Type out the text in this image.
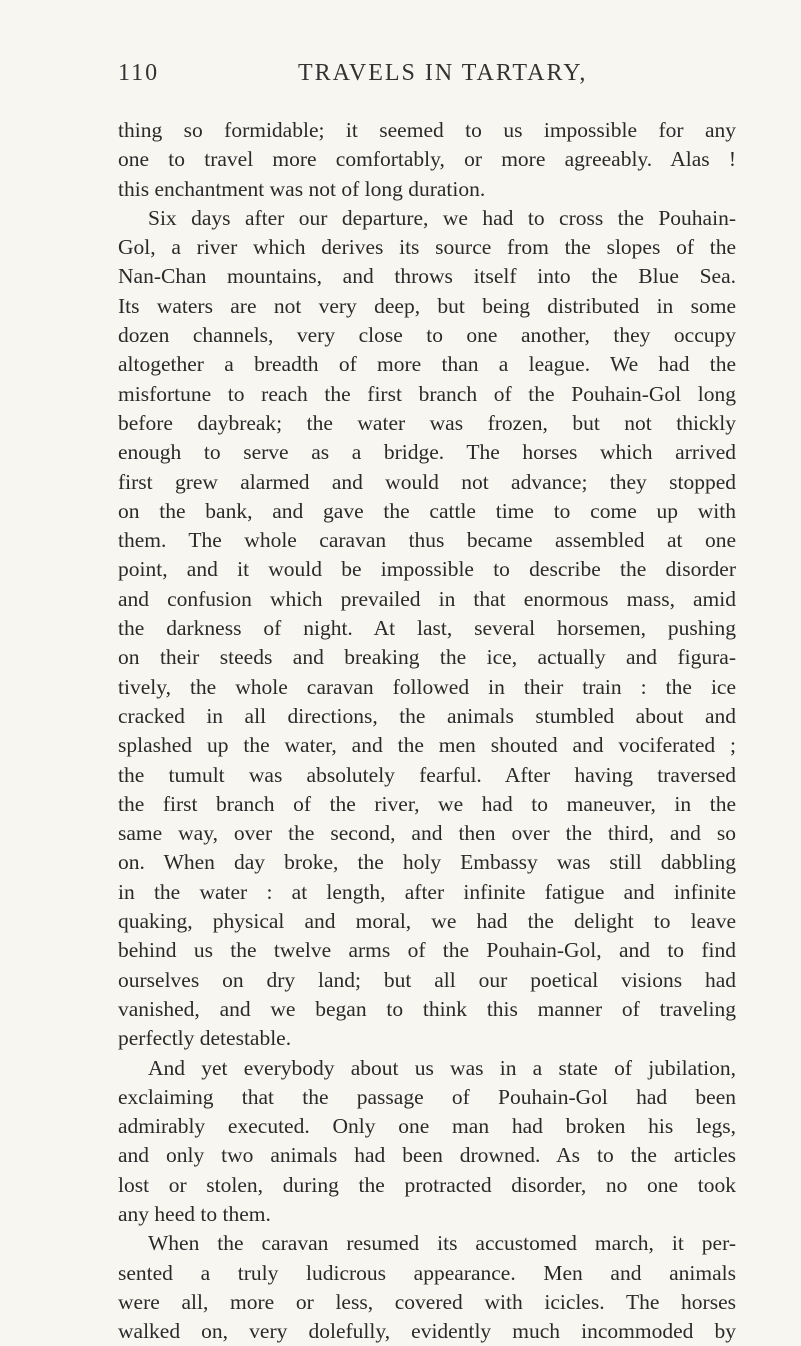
110	TRAVELS IN TARTARY,
thing so formidable; it seemed to us impossible for any
one to travel more comfortably, or more agreeably. Alas !
this enchantment was not of long duration.
Six days after our departure, we had to cross the Pouhain-
Gol, a river which derives its source from the slopes of the
Nan-Chan mountains, and throws itself into the Blue Sea.
Its waters are not very deep, but being distributed in some
dozen channels, very close to one another, they occupy
altogether a breadth of more than a league. We had the
misfortune to reach the first branch of the Pouhain-Gol long
before daybreak; the water was frozen, but not thickly
enough to serve as a bridge. The horses which arrived
first grew alarmed and would not advance; they stopped
on the bank, and gave the cattle time to come up with
them. The whole caravan thus became assembled at one
point, and it would be impossible to describe the disorder
and confusion which prevailed in that enormous mass, amid
the darkness of night. At last, several horsemen, pushing
on their steeds and breaking the ice, actually and figura-
tively, the whole caravan followed in their train : the ice
cracked in all directions, the animals stumbled about and
splashed up the water, and the men shouted and vociferated ;
the tumult was absolutely fearful. After having traversed
the first branch of the river, we had to maneuver, in the
same way, over the second, and then over the third, and so
on. When day broke, the holy Embassy was still dabbling
in the water : at length, after infinite fatigue and infinite
quaking, physical and moral, we had the delight to leave
behind us the twelve arms of the Pouhain-Gol, and to find
ourselves on dry land; but all our poetical visions had
vanished, and we began to think this manner of traveling
perfectly detestable.
And yet everybody about us was in a state of jubilation,
exclaiming that the passage of Pouhain-Gol had been
admirably executed. Only one man had broken his legs,
and only two animals had been drowned. As to the articles
lost or stolen, during the protracted disorder, no one took
any heed to them.
When the caravan resumed its accustomed march, it per-
sented a truly ludicrous appearance. Men and animals
were all, more or less, covered with icicles. The horses
walked on, very dolefully, evidently much incommoded by
